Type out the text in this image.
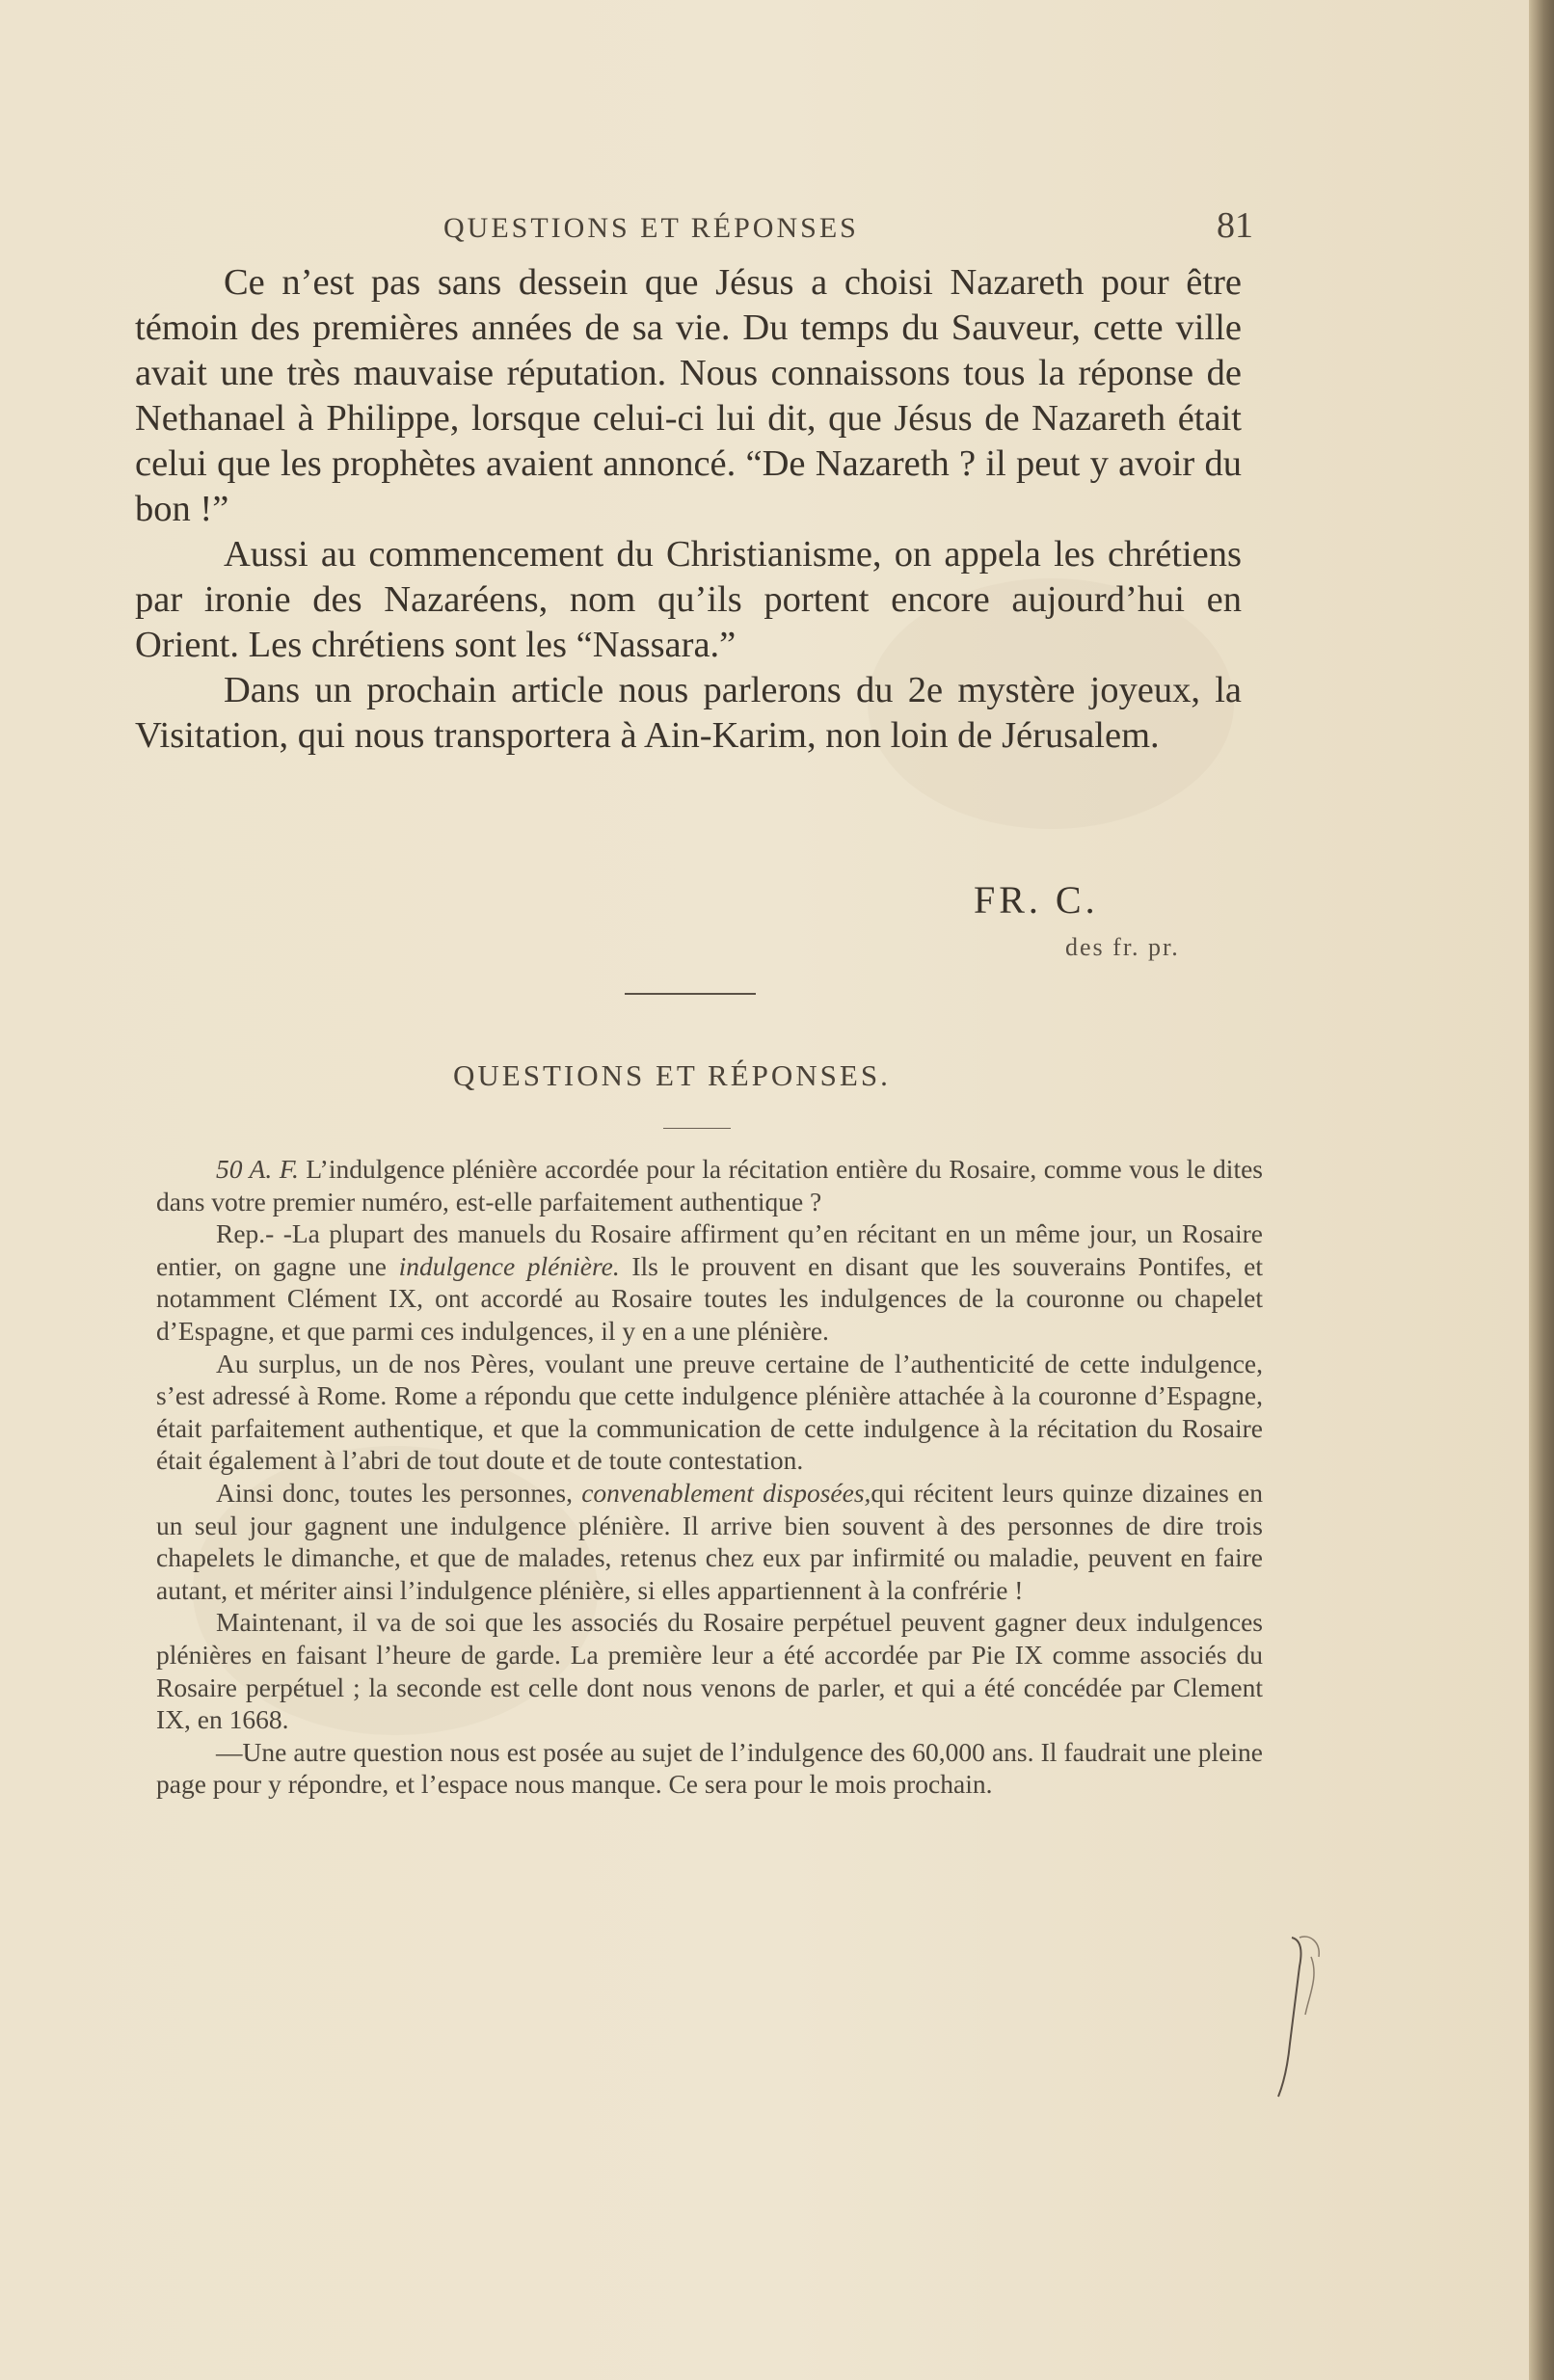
QUESTIONS ET RÉPONSES	81

Ce n’est pas sans dessein que Jésus a choisi Nazareth pour être témoin des premières années de sa vie. Du temps du Sauveur, cette ville avait une très mauvaise réputation. Nous connaissons tous la réponse de Nethanael à Philippe, lorsque celui-ci lui dit, que Jésus de Nazareth était celui que les prophètes avaient annoncé. “De Nazareth ? il peut y avoir du bon !”

Aussi au commencement du Christianisme, on appela les chrétiens par ironie des Nazaréens, nom qu’ils portent encore aujourd’hui en Orient. Les chrétiens sont les “Nassara.”

Dans un prochain article nous parlerons du 2e mystère joyeux, la Visitation, qui nous transportera à Ain-Karim, non loin de Jérusalem.

FR. C.
des fr. pr.
QUESTIONS ET RÉPONSES.

50 A. F. L’indulgence plénière accordée pour la récitation entière du Rosaire, comme vous le dites dans votre premier numéro, est-elle parfaitement authentique ?

Rep.- -La plupart des manuels du Rosaire affirment qu’en récitant en un même jour, un Rosaire entier, on gagne une indulgence plénière. Ils le prouvent en disant que les souverains Pontifes, et notamment Clément IX, ont accordé au Rosaire toutes les indulgences de la couronne ou chapelet d’Espagne, et que parmi ces indulgences, il y en a une plénière.

Au surplus, un de nos Pères, voulant une preuve certaine de l’authenticité de cette indulgence, s’est adressé à Rome. Rome a répondu que cette indulgence plénière attachée à la couronne d’Espagne, était parfaitement authentique, et que la communication de cette indulgence à la récitation du Rosaire était également à l’abri de tout doute et de toute contestation.

Ainsi donc, toutes les personnes, convenablement disposées,qui récitent leurs quinze dizaines en un seul jour gagnent une indulgence plénière. Il arrive bien souvent à des personnes de dire trois chapelets le dimanche, et que de malades, retenus chez eux par infirmité ou maladie, peuvent en faire autant, et mériter ainsi l’indulgence plénière, si elles appartiennent à la confrérie !

Maintenant, il va de soi que les associés du Rosaire perpétuel peuvent gagner deux indulgences plénières en faisant l’heure de garde. La première leur a été accordée par Pie IX comme associés du Rosaire perpétuel ; la seconde est celle dont nous venons de parler, et qui a été concédée par Clement IX, en 1668.

—Une autre question nous est posée au sujet de l’indulgence des 60,000 ans. Il faudrait une pleine page pour y répondre, et l’espace nous manque. Ce sera pour le mois prochain.
